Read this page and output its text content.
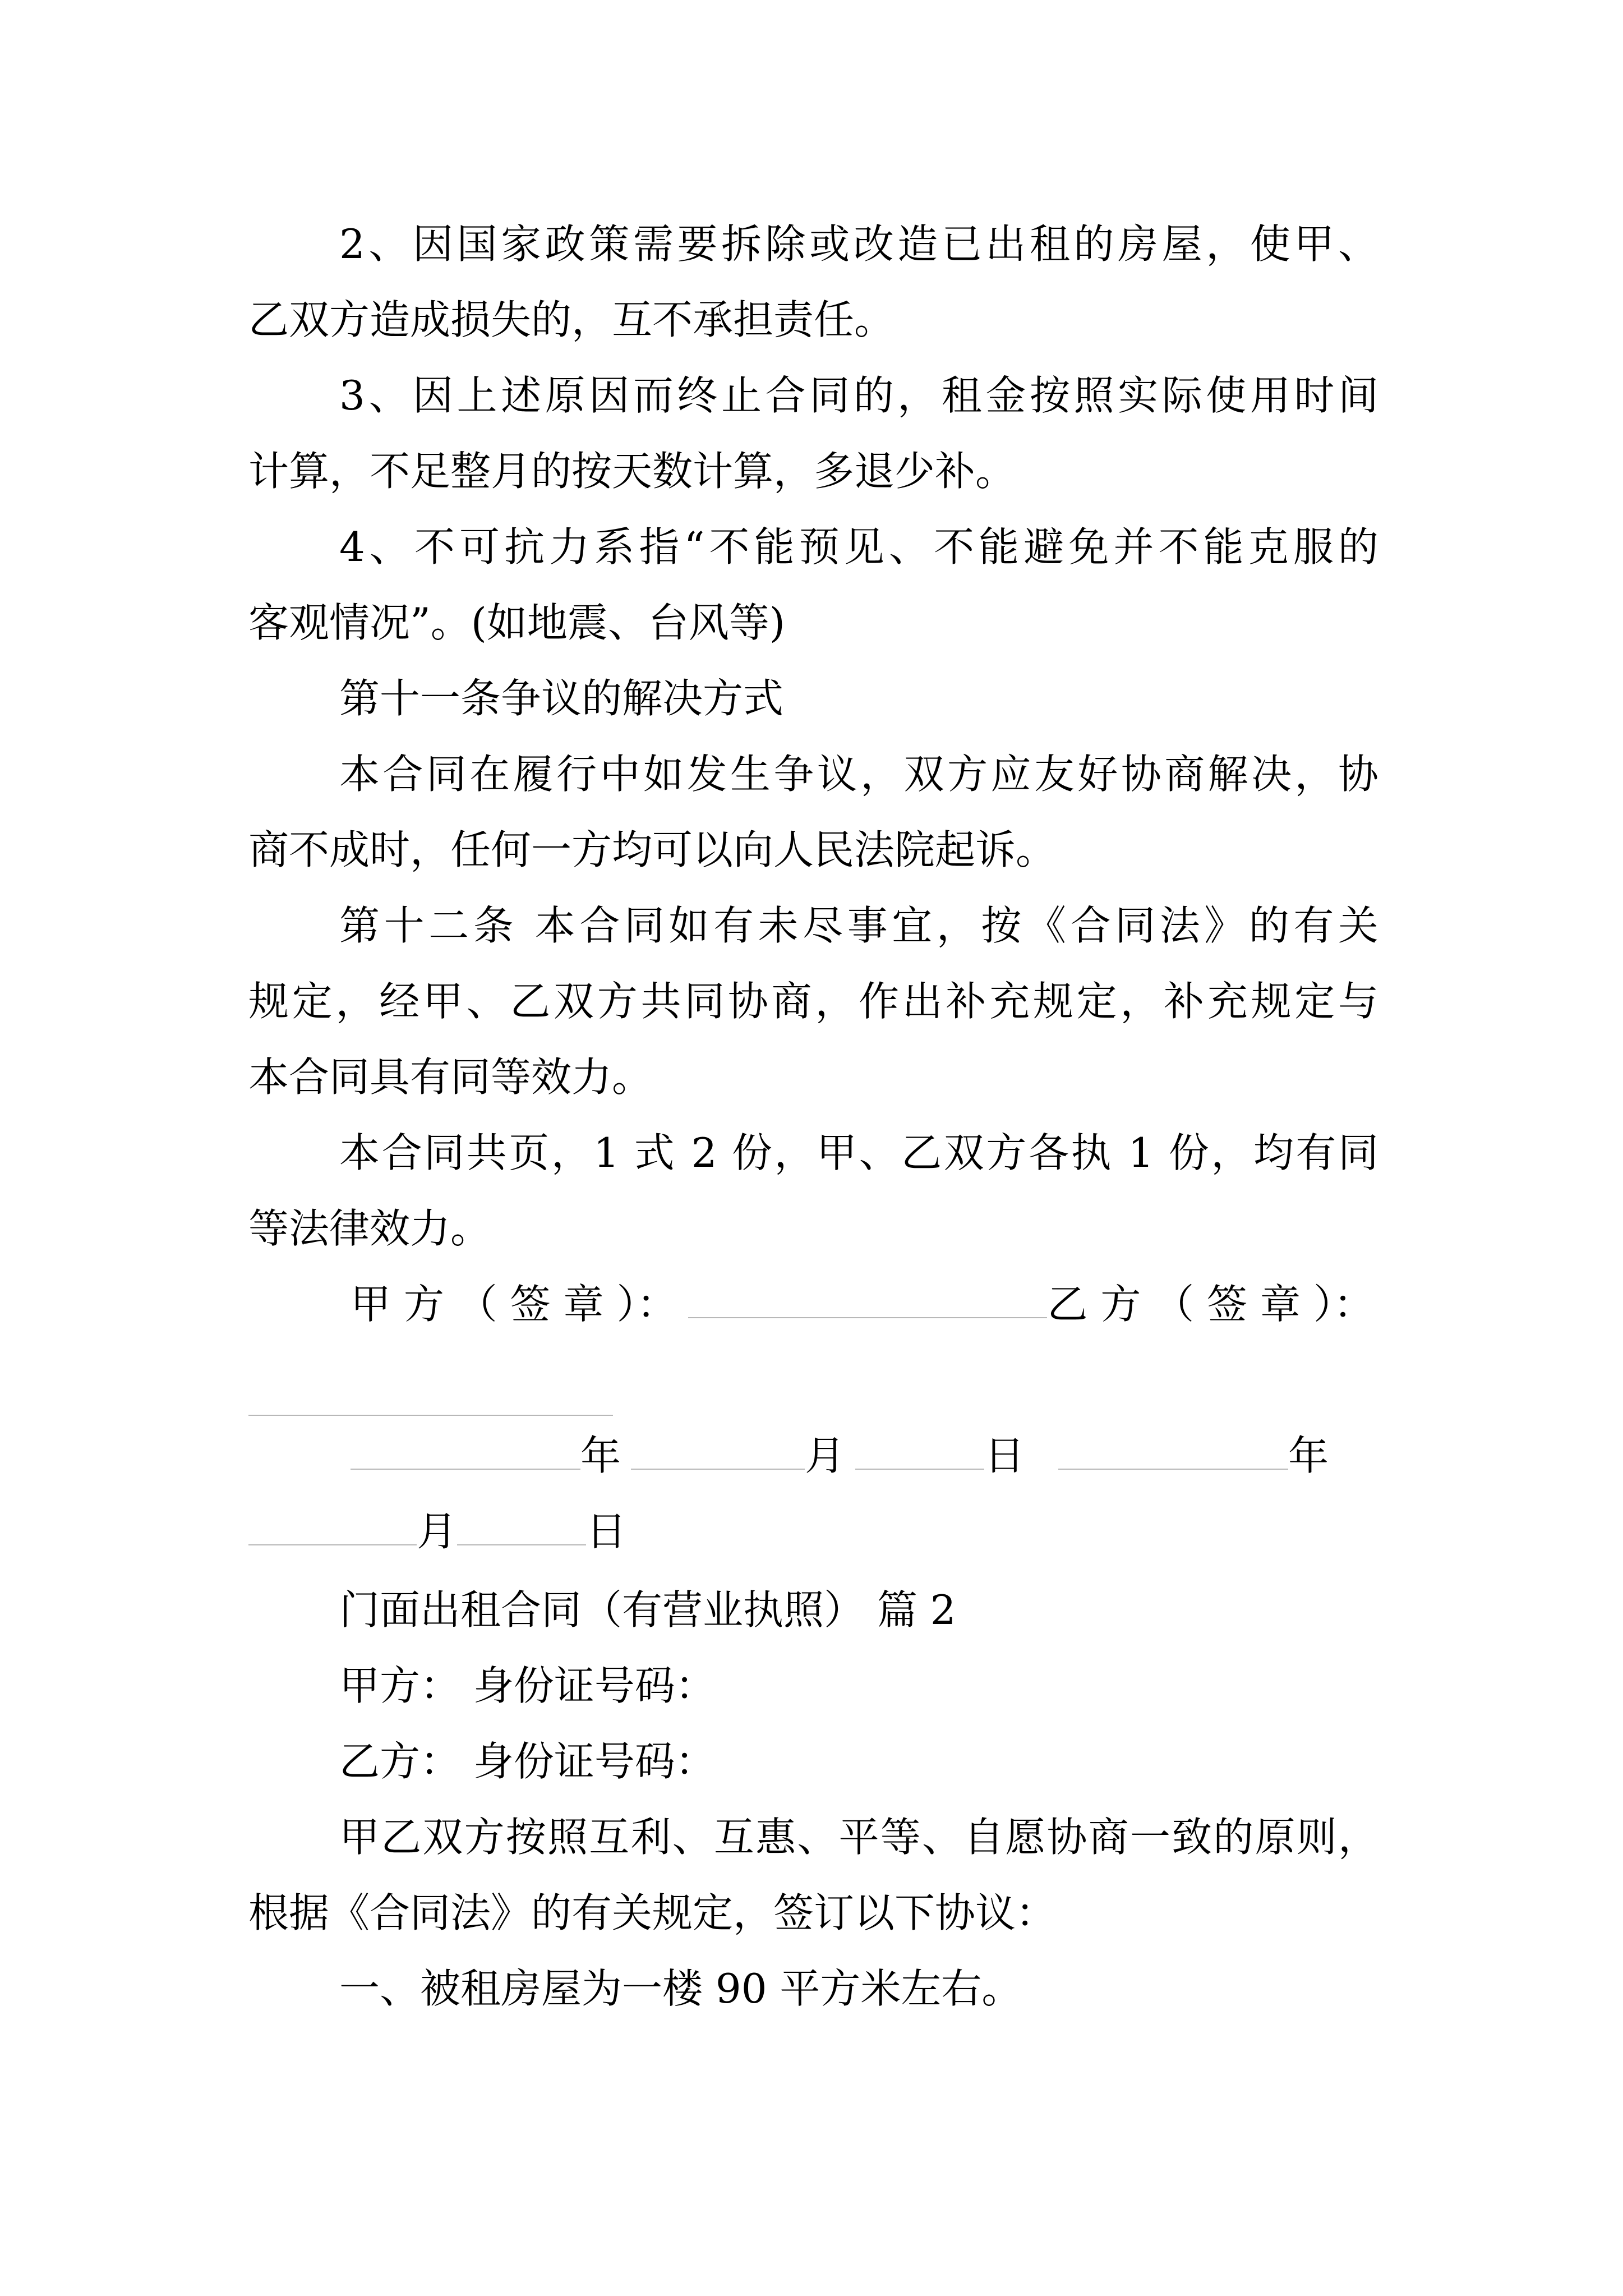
2、因国家政策需要拆除或改造已出租的房屋，使甲、
乙双方造成损失的，互不承担责任。
3、因上述原因而终止合同的，租金按照实际使用时间
计算，不足整月的按天数计算，多退少补。
4、不可抗力系指“不能预见、不能避免并不能克服的
客观情况”。(如地震、台风等)
第十一条争议的解决方式
本合同在履行中如发生争议，双方应友好协商解决，协
商不成时，任何一方均可以向人民法院起诉。
第十二条 本合同如有未尽事宜，按《合同法》的有关
规定，经甲、乙双方共同协商，作出补充规定，补充规定与
本合同具有同等效力。
本合同共页，1 式 2 份，甲、乙双方各执 1 份，均有同
等法律效力。
甲 方 （ 签 章 ）：	乙 方 （ 签 章 ）：
年	月	日	年
月	日
门面出租合同（有营业执照） 篇 2
甲方： 身份证号码：
乙方： 身份证号码：
甲乙双方按照互利、互惠、平等、自愿协商一致的原则，
根据《合同法》的有关规定，签订以下协议：
一、被租房屋为一楼 90 平方米左右。
